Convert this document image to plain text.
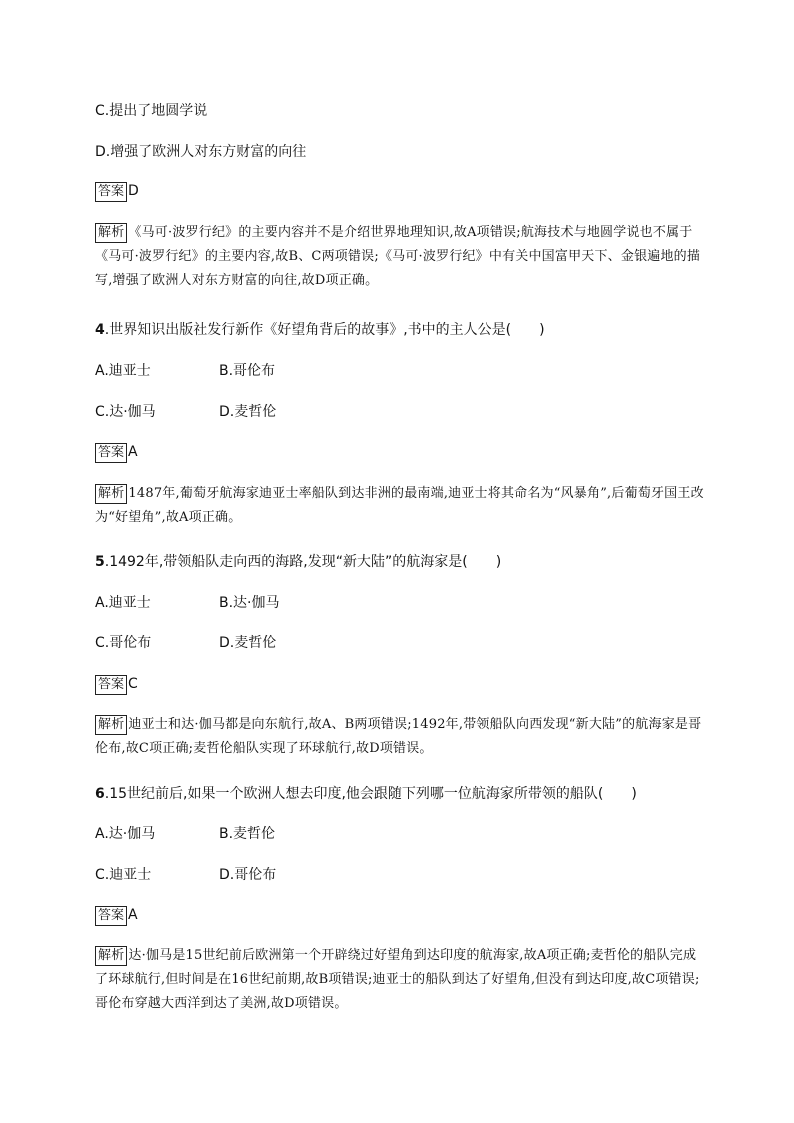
C.提出了地圆学说
D.增强了欧洲人对东方财富的向往
答案 D
解析 《马可·波罗行纪》的主要内容并不是介绍世界地理知识,故A项错误;航海技术与地圆学说也不属于《马可·波罗行纪》的主要内容,故B、C两项错误;《马可·波罗行纪》中有关中国富甲天下、金银遍地的描写,增强了欧洲人对东方财富的向往,故D项正确。
4.世界知识出版社发行新作《好望角背后的故事》,书中的主人公是(　　)
A.迪亚士	B.哥伦布
C.达·伽马	D.麦哲伦
答案 A
解析 1487年,葡萄牙航海家迪亚士率船队到达非洲的最南端,迪亚士将其命名为“风暴角”,后葡萄牙国王改为“好望角”,故A项正确。
5.1492年,带领船队走向西的海路,发现“新大陆”的航海家是(　　)
A.迪亚士	B.达·伽马
C.哥伦布	D.麦哲伦
答案 C
解析 迪亚士和达·伽马都是向东航行,故A、B两项错误;1492年,带领船队向西发现“新大陆”的航海家是哥伦布,故C项正确;麦哲伦船队实现了环球航行,故D项错误。
6.15世纪前后,如果一个欧洲人想去印度,他会跟随下列哪一位航海家所带领的船队(　　)
A.达·伽马	B.麦哲伦
C.迪亚士	D.哥伦布
答案 A
解析 达·伽马是15世纪前后欧洲第一个开辟绕过好望角到达印度的航海家,故A项正确;麦哲伦的船队完成了环球航行,但时间是在16世纪前期,故B项错误;迪亚士的船队到达了好望角,但没有到达印度,故C项错误;哥伦布穿越大西洋到达了美洲,故D项错误。
